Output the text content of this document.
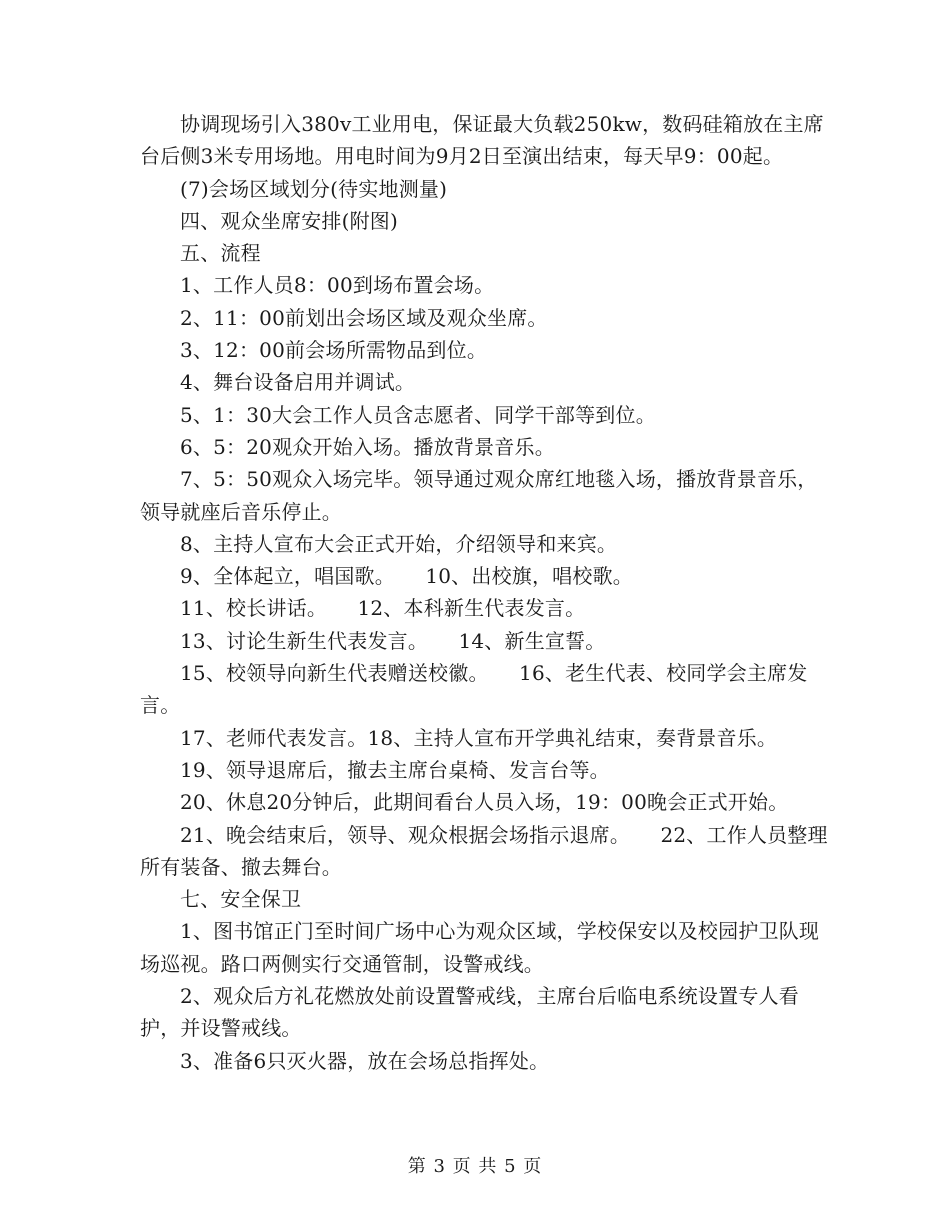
协调现场引入380v工业用电，保证最大负载250kw，数码硅箱放在主席台后侧3米专用场地。用电时间为9月2日至演出结束，每天早9：00起。

(7)会场区域划分(待实地测量)

四、观众坐席安排(附图)

五、流程

1、工作人员8：00到场布置会场。

2、11：00前划出会场区域及观众坐席。

3、12：00前会场所需物品到位。

4、舞台设备启用并调试。

5、1：30大会工作人员含志愿者、同学干部等到位。

6、5：20观众开始入场。播放背景音乐。

7、5：50观众入场完毕。领导通过观众席红地毯入场，播放背景音乐，领导就座后音乐停止。

8、主持人宣布大会正式开始，介绍领导和来宾。

9、全体起立，唱国歌。　　10、出校旗，唱校歌。

11、校长讲话。　　12、本科新生代表发言。

13、讨论生新生代表发言。　　14、新生宣誓。

15、校领导向新生代表赠送校徽。　　16、老生代表、校同学会主席发言。

17、老师代表发言。18、主持人宣布开学典礼结束，奏背景音乐。

19、领导退席后，撤去主席台桌椅、发言台等。

20、休息20分钟后，此期间看台人员入场，19：00晚会正式开始。

21、晚会结束后，领导、观众根据会场指示退席。　　22、工作人员整理所有装备、撤去舞台。

七、安全保卫

1、图书馆正门至时间广场中心为观众区域，学校保安以及校园护卫队现场巡视。路口两侧实行交通管制，设警戒线。

2、观众后方礼花燃放处前设置警戒线，主席台后临电系统设置专人看护，并设警戒线。

3、准备6只灭火器，放在会场总指挥处。

第 3 页 共 5 页
